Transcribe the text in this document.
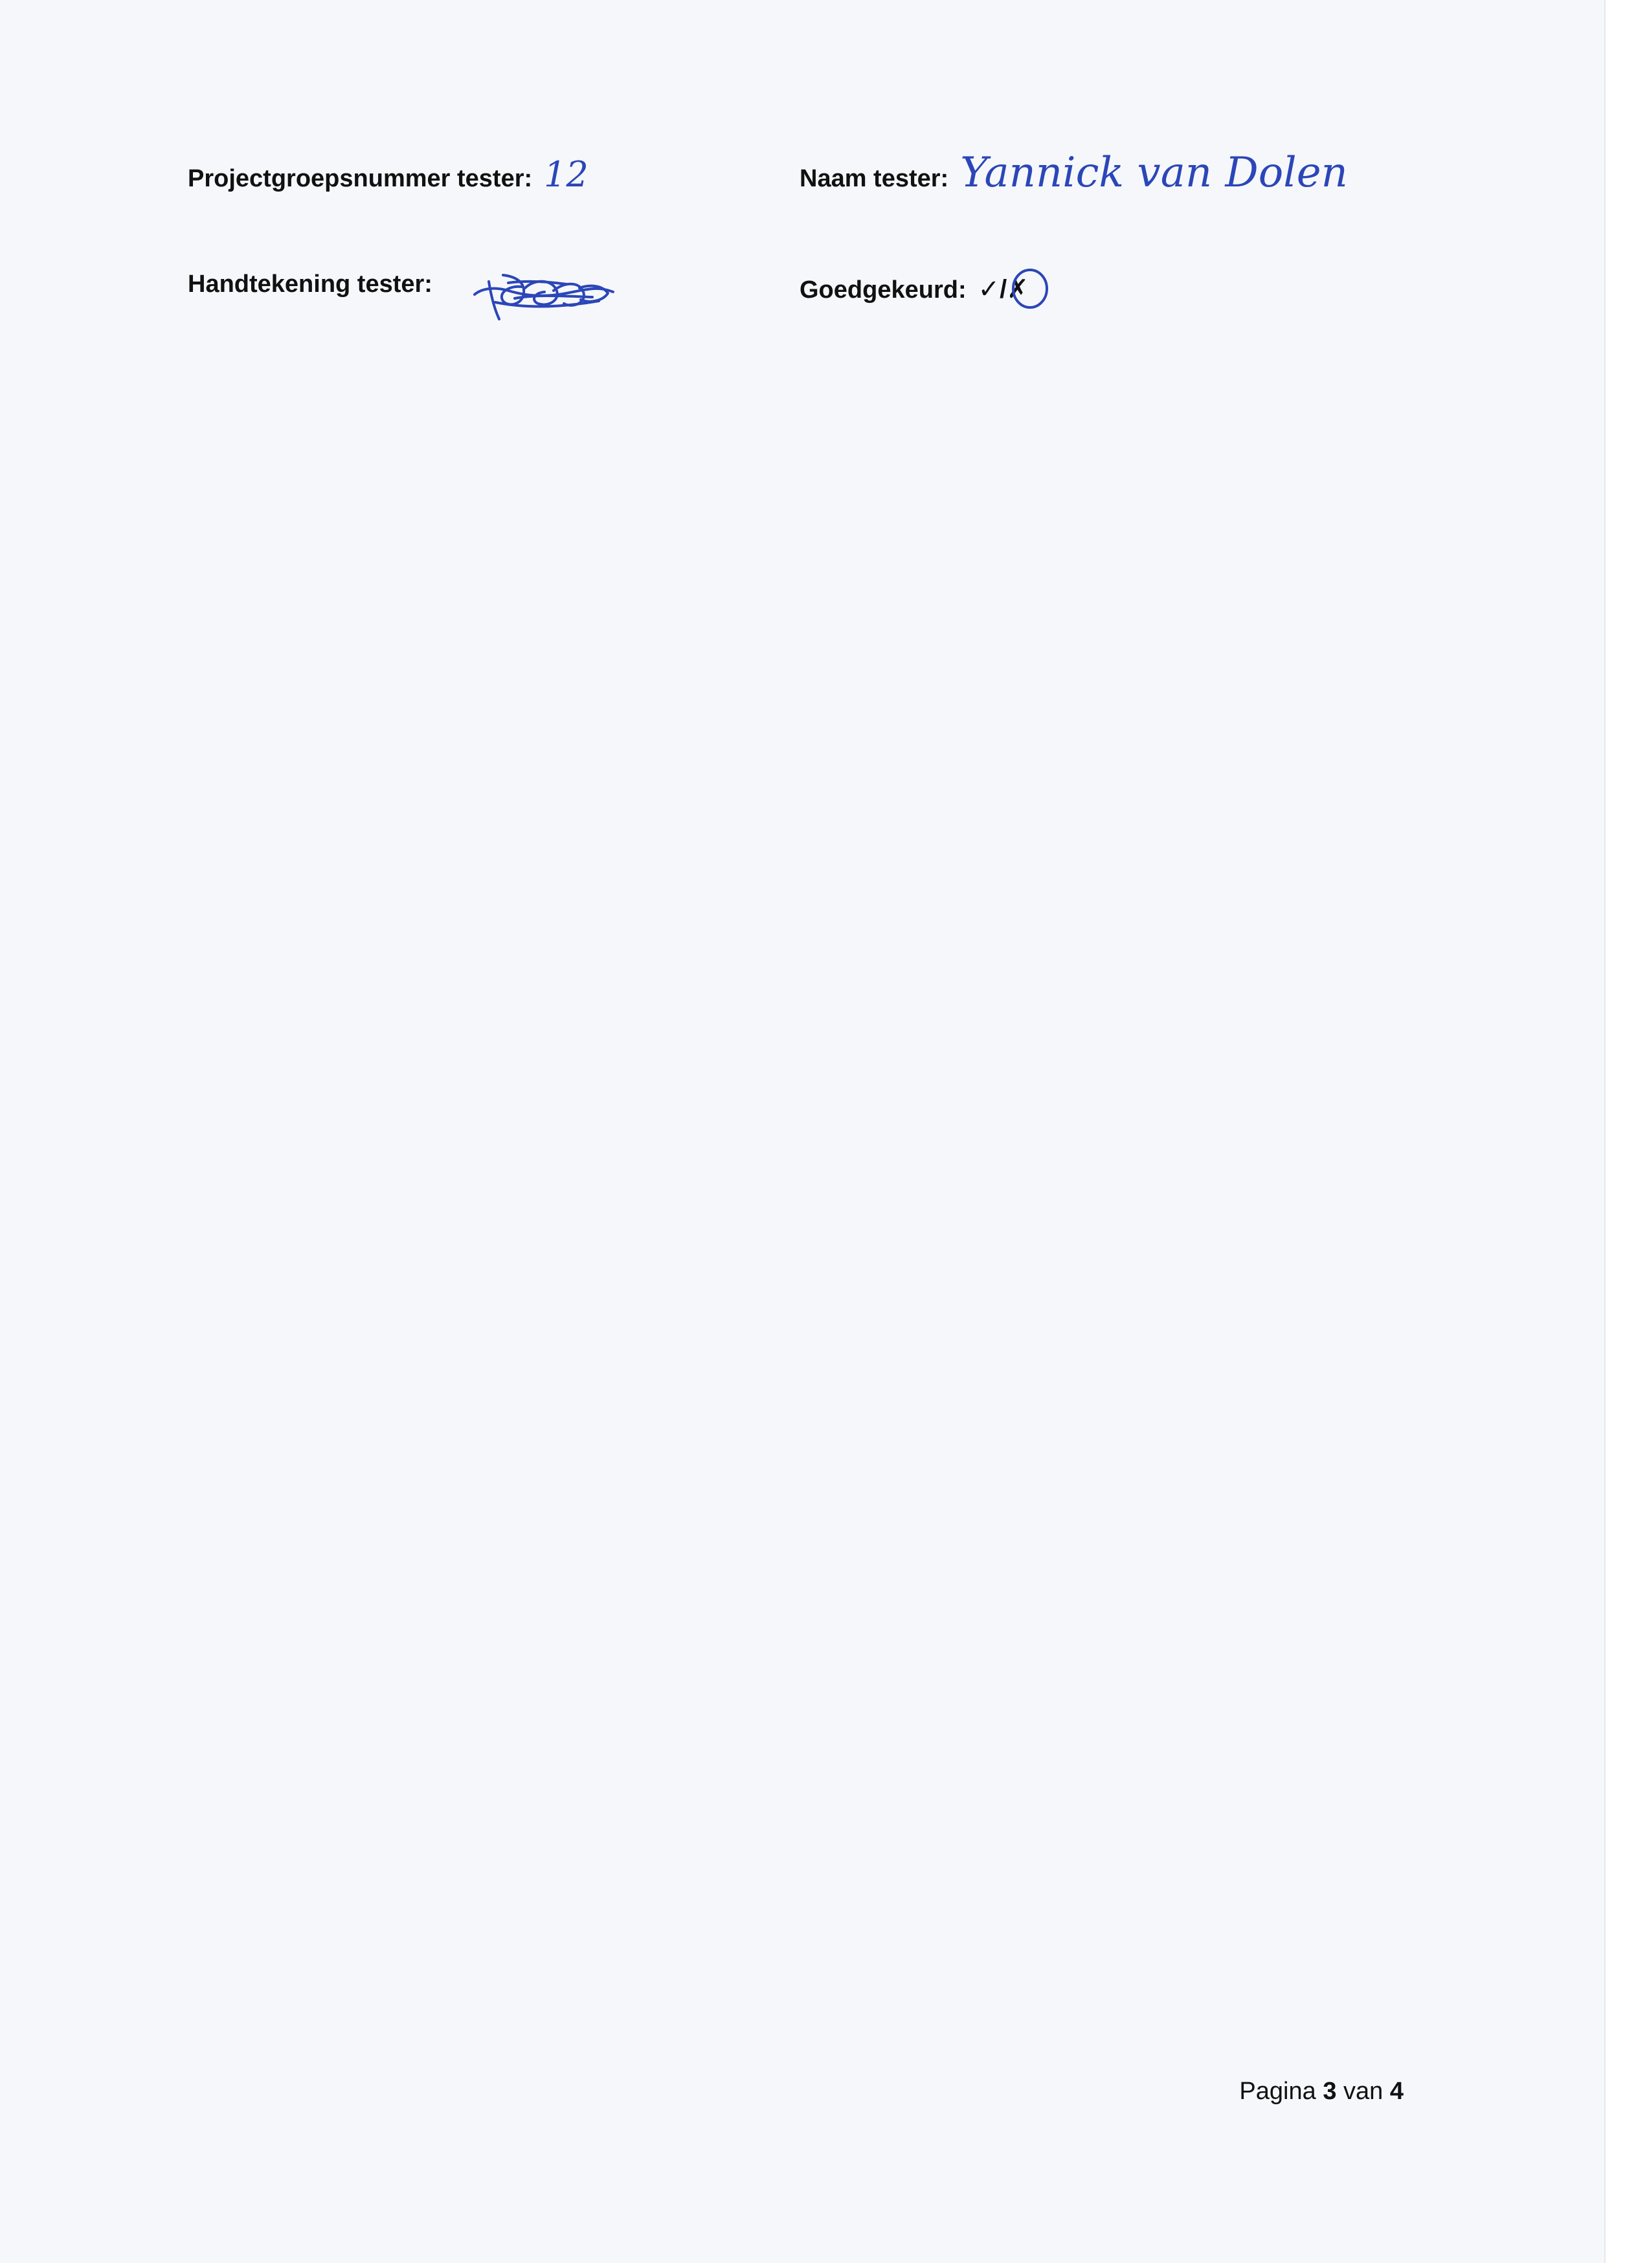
Projectgroepsnummer tester: 12	Naam tester: Yannick van Dolen
Handtekening tester:	Goedgekeurd: ✓/✗
Pagina 3 van 4
